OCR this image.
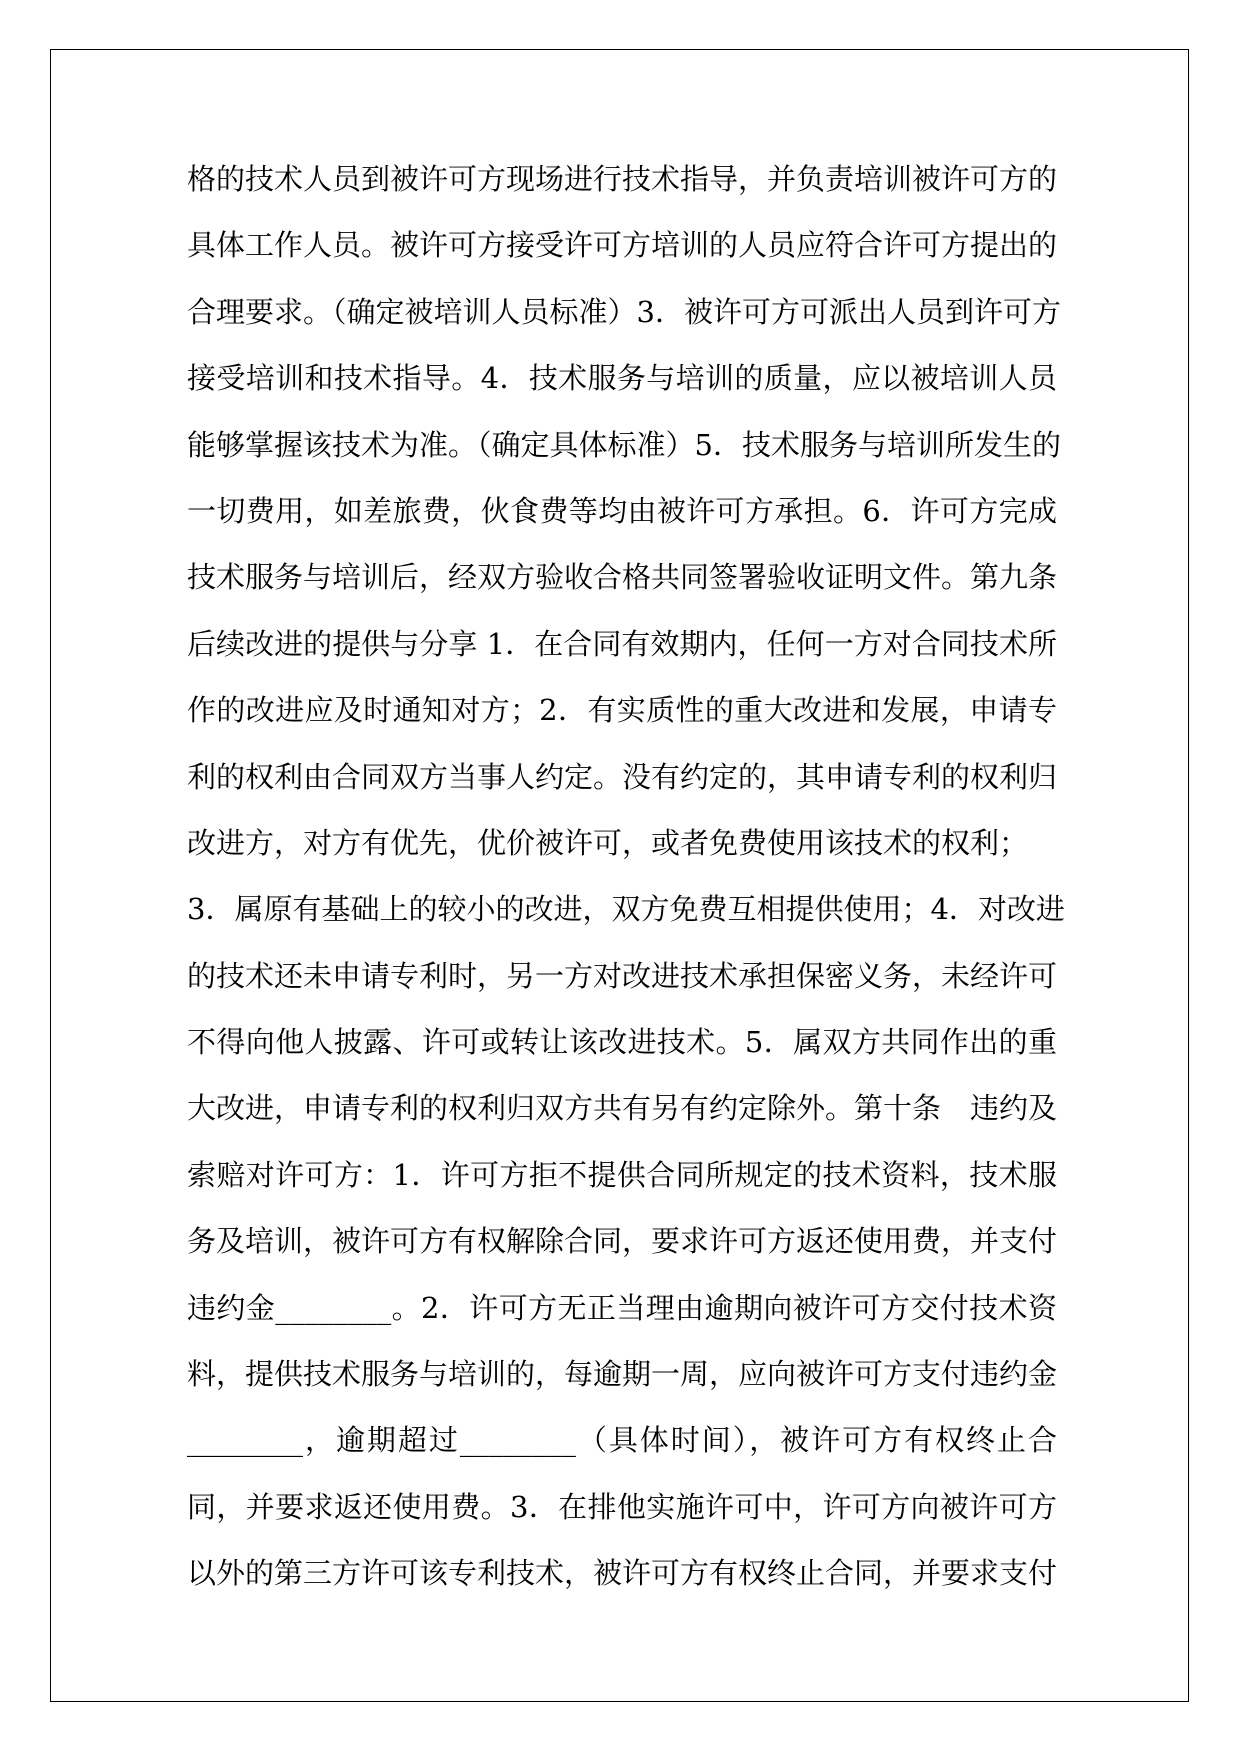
格的技术人员到被许可方现场进行技术指导，并负责培训被许可方的
具体工作人员。被许可方接受许可方培训的人员应符合许可方提出的
合理要求。（确定被培训人员标准）3．被许可方可派出人员到许可方
接受培训和技术指导。4．技术服务与培训的质量，应以被培训人员
能够掌握该技术为准。（确定具体标准）5．技术服务与培训所发生的
一切费用，如差旅费，伙食费等均由被许可方承担。6．许可方完成
技术服务与培训后，经双方验收合格共同签署验收证明文件。第九条
后续改进的提供与分享 1．在合同有效期内，任何一方对合同技术所
作的改进应及时通知对方；2．有实质性的重大改进和发展，申请专
利的权利由合同双方当事人约定。没有约定的，其申请专利的权利归
改进方，对方有优先，优价被许可，或者免费使用该技术的权利；
3．属原有基础上的较小的改进，双方免费互相提供使用；4．对改进
的技术还未申请专利时，另一方对改进技术承担保密义务，未经许可
不得向他人披露、许可或转让该改进技术。5．属双方共同作出的重
大改进，申请专利的权利归双方共有另有约定除外。第十条　违约及
索赔对许可方：1．许可方拒不提供合同所规定的技术资料，技术服
务及培训，被许可方有权解除合同，要求许可方返还使用费，并支付
违约金________。2．许可方无正当理由逾期向被许可方交付技术资
料，提供技术服务与培训的，每逾期一周，应向被许可方支付违约金
________，逾期超过________（具体时间），被许可方有权终止合
同，并要求返还使用费。3．在排他实施许可中，许可方向被许可方
以外的第三方许可该专利技术，被许可方有权终止合同，并要求支付
